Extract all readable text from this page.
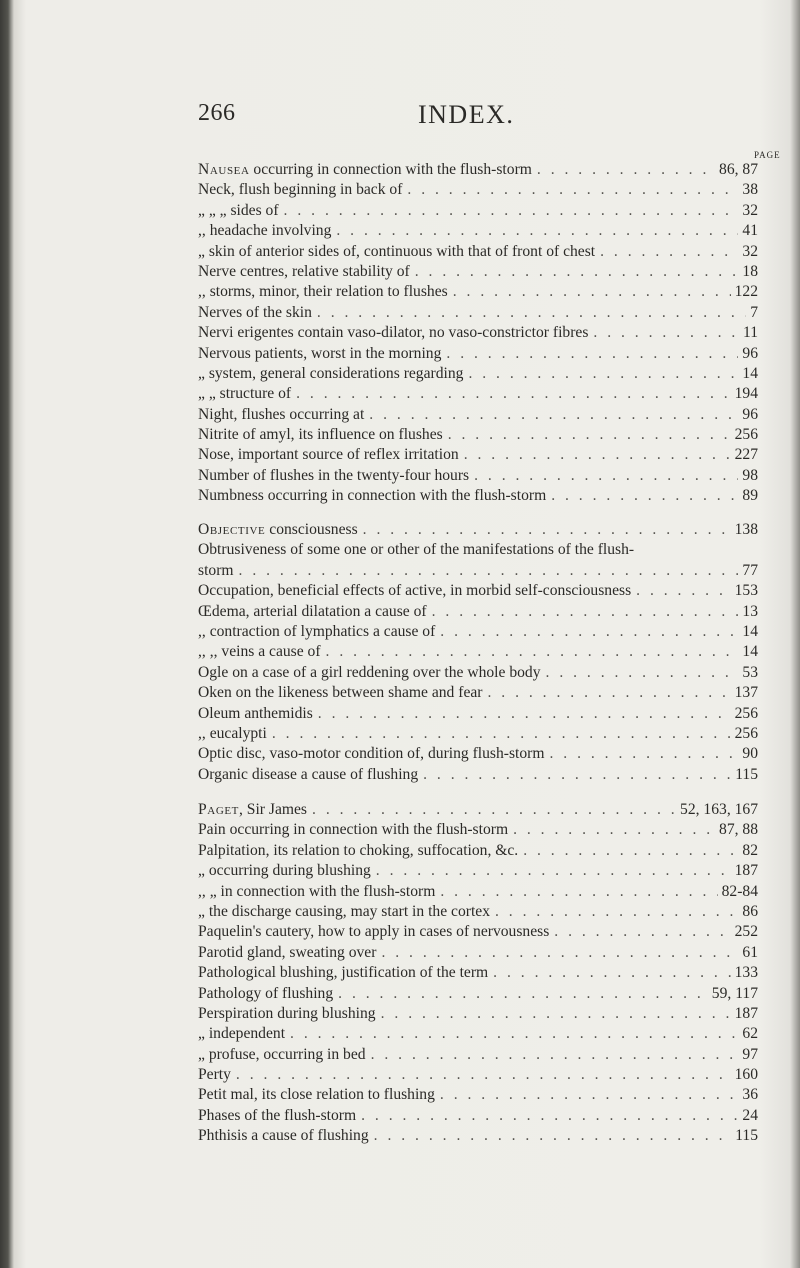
266	INDEX.
PAGE
Nausea occurring in connection with the flush-storm . . .	86, 87
Neck, flush beginning in back of . . .	38
„ „ „ sides of . . .	32
,, headache involving . . .	41
„ skin of anterior sides of, continuous with that of front of chest . . .	32
Nerve centres, relative stability of . . .	18
,, storms, minor, their relation to flushes . . .	122
Nerves of the skin . . .	7
Nervi erigentes contain vaso-dilator, no vaso-constrictor fibres . . .	11
Nervous patients, worst in the morning . . .	96
„ system, general considerations regarding . . .	14
„ „ structure of . . .	194
Night, flushes occurring at . . .	96
Nitrite of amyl, its influence on flushes . . .	256
Nose, important source of reflex irritation . . .	227
Number of flushes in the twenty-four hours . . .	98
Numbness occurring in connection with the flush-storm . . .	89
Objective consciousness . . .	138
Obtrusiveness of some one or other of the manifestations of the flush-
storm . . .	77
Occupation, beneficial effects of active, in morbid self-consciousness . . .	153
Œdema, arterial dilatation a cause of . . .	13
,, contraction of lymphatics a cause of . . .	14
,, ,, veins a cause of . . .	14
Ogle on a case of a girl reddening over the whole body . . .	53
Oken on the likeness between shame and fear . . .	137
Oleum anthemidis . . .	256
,, eucalypti . . .	256
Optic disc, vaso-motor condition of, during flush-storm . . .	90
Organic disease a cause of flushing . . .	115
Paget, Sir James . . .	52, 163, 167
Pain occurring in connection with the flush-storm . . .	87, 88
Palpitation, its relation to choking, suffocation, &c. . . .	82
„ occurring during blushing . . .	187
,, „ in connection with the flush-storm . . .	82-84
„ the discharge causing, may start in the cortex . . .	86
Paquelin's cautery, how to apply in cases of nervousness . . .	252
Parotid gland, sweating over . . .	61
Pathological blushing, justification of the term . . .	133
Pathology of flushing . . .	59, 117
Perspiration during blushing . . .	187
„ independent . . .	62
„ profuse, occurring in bed . . .	97
Perty . . .	160
Petit mal, its close relation to flushing . . .	36
Phases of the flush-storm . . .	24
Phthisis a cause of flushing . . .	115
